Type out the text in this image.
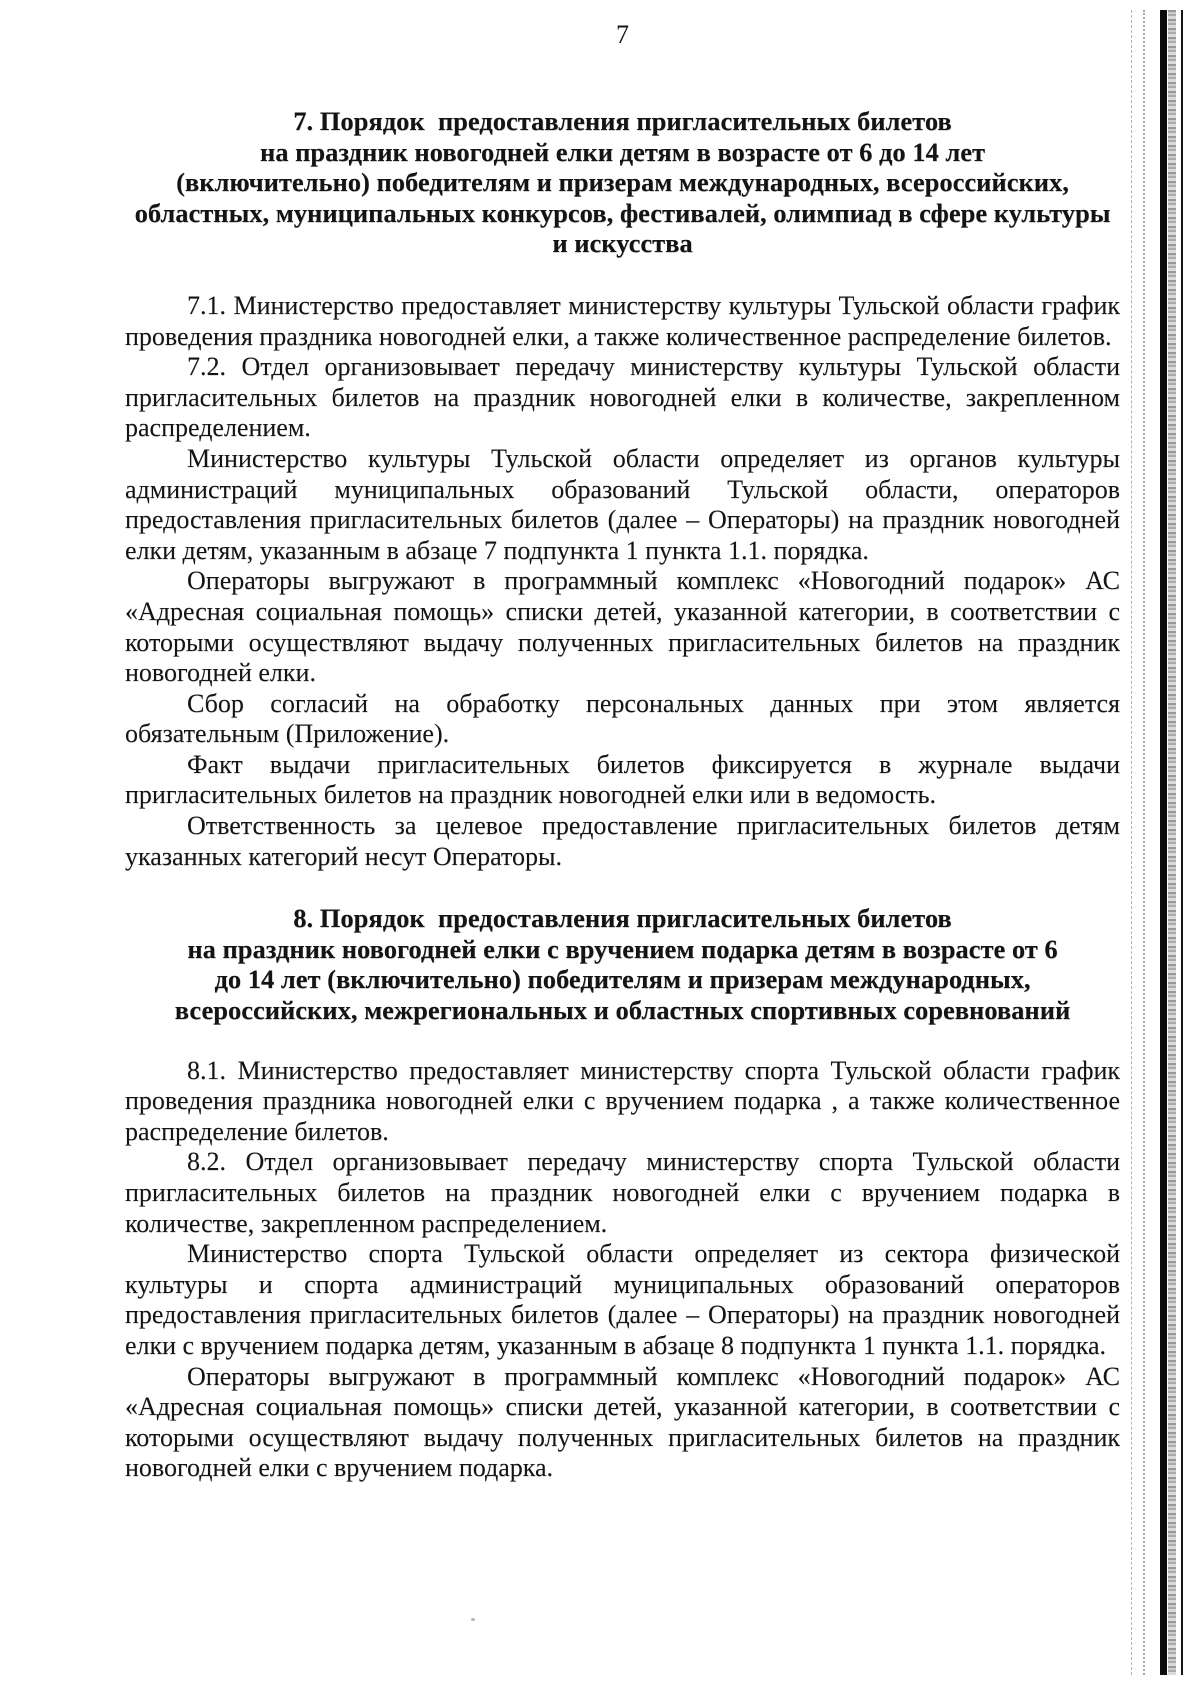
7
7. Порядок  предоставления пригласительных билетов
на праздник новогодней елки детям в возрасте от 6 до 14 лет
(включительно) победителям и призерам международных, всероссийских,
областных, муниципальных конкурсов, фестивалей, олимпиад в сфере культуры
и искусства

7.1. Министерство предоставляет министерству культуры Тульской области график проведения праздника новогодней елки, а также количественное распределение билетов.

7.2. Отдел организовывает передачу министерству культуры Тульской области пригласительных билетов на праздник новогодней елки в количестве, закрепленном распределением.

Министерство культуры Тульской области определяет из органов культуры администраций муниципальных образований Тульской области, операторов предоставления пригласительных билетов (далее – Операторы) на праздник новогодней елки детям, указанным в абзаце 7 подпункта 1 пункта 1.1. порядка.

Операторы выгружают в программный комплекс «Новогодний подарок» АС «Адресная социальная помощь» списки детей, указанной категории, в соответствии с которыми осуществляют выдачу полученных пригласительных билетов на праздник новогодней елки.

Сбор согласий на обработку персональных данных при этом является обязательным (Приложение).

Факт выдачи пригласительных билетов фиксируется в журнале выдачи пригласительных билетов на праздник новогодней елки или в ведомость.

Ответственность за целевое предоставление пригласительных билетов детям указанных категорий несут Операторы.

8. Порядок  предоставления пригласительных билетов
на праздник новогодней елки с вручением подарка детям в возрасте от 6
до 14 лет (включительно) победителям и призерам международных,
всероссийских, межрегиональных и областных спортивных соревнований

8.1. Министерство предоставляет министерству спорта Тульской области график проведения праздника новогодней елки с вручением подарка , а также количественное распределение билетов.

8.2. Отдел организовывает передачу министерству спорта Тульской области пригласительных билетов на праздник новогодней елки с вручением подарка в количестве, закрепленном распределением.

Министерство спорта Тульской области определяет из сектора физической культуры и спорта администраций муниципальных образований операторов предоставления пригласительных билетов (далее – Операторы) на праздник новогодней елки с вручением подарка детям, указанным в абзаце 8 подпункта 1 пункта 1.1. порядка.

Операторы выгружают в программный комплекс «Новогодний подарок» АС «Адресная социальная помощь» списки детей, указанной категории, в соответствии с которыми осуществляют выдачу полученных пригласительных билетов на праздник новогодней елки с вручением подарка.
